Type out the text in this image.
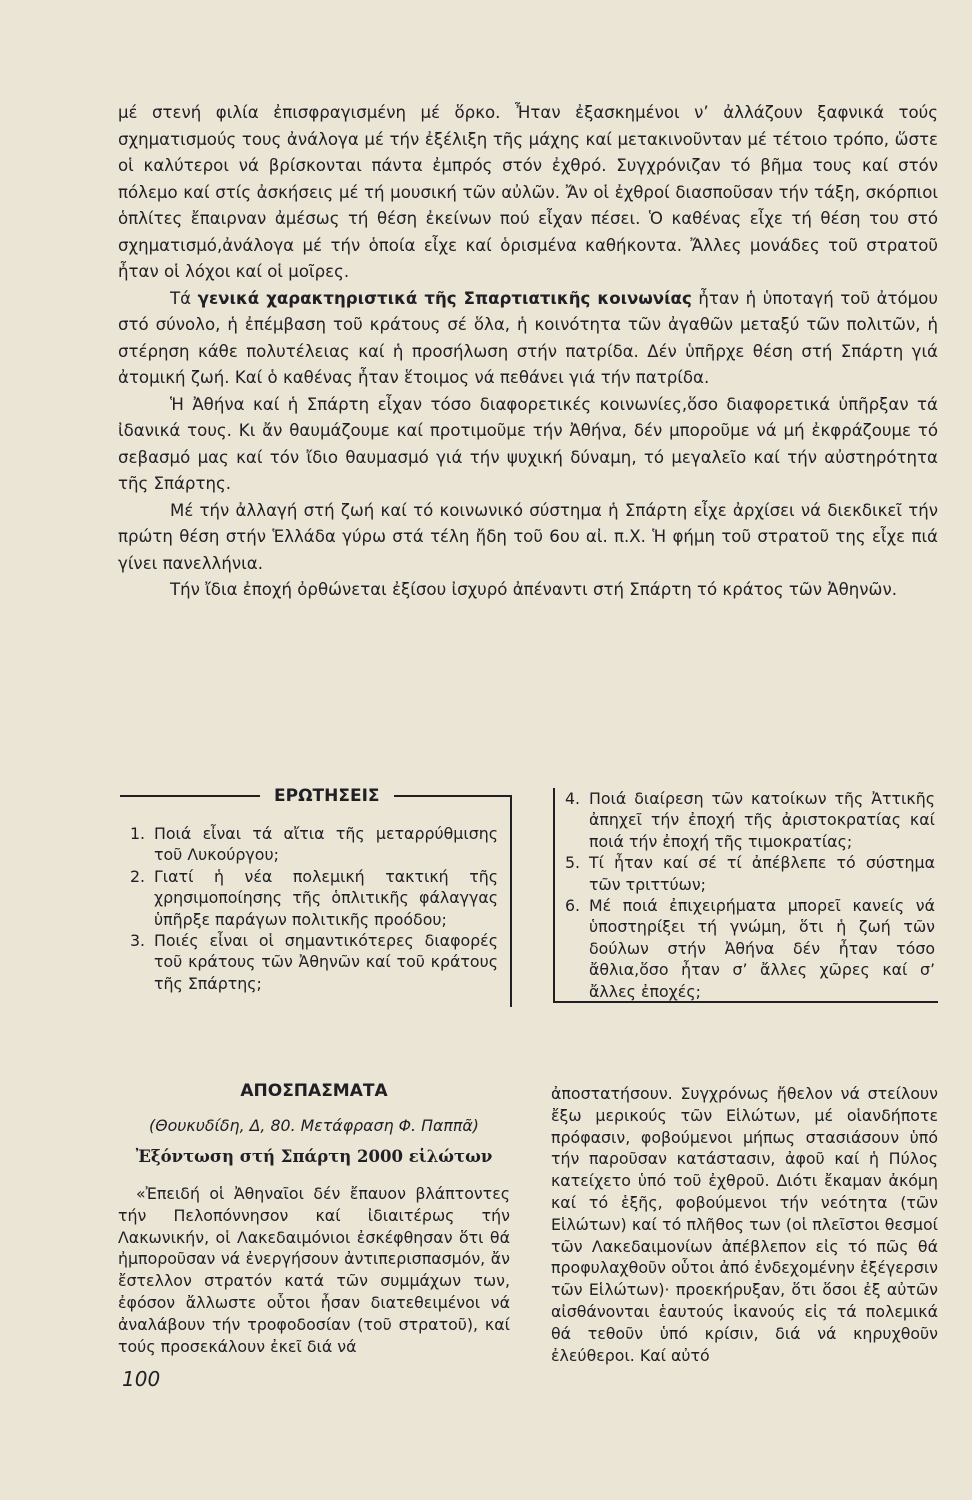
μέ στενή φιλία ἐπισφραγισμένη μέ ὅρκο. Ἦταν ἐξασκημένοι ν’ ἀλλάζουν ξαφνικά τούς σχηματισμούς τους ἀνάλογα μέ τήν ἐξέλιξη τῆς μάχης καί μετακινοῦνταν μέ τέτοιο τρόπο, ὥστε οἱ καλύτεροι νά βρίσκονται πάντα ἐμπρός στόν ἐχθρό. Συγχρόνιζαν τό βῆμα τους καί στόν πόλεμο καί στίς ἀσκήσεις μέ τή μουσική τῶν αὐλῶν. Ἄν οἱ ἐχθροί διασποῦσαν τήν τάξη, σκόρπιοι ὁπλίτες ἔπαιρναν ἀμέσως τή θέση ἐκείνων πού εἶχαν πέσει. Ὁ καθένας εἶχε τή θέση του στό σχηματισμό,ἀνάλογα μέ τήν ὁποία εἶχε καί ὁρισμένα καθήκοντα. Ἄλλες μονάδες τοῦ στρατοῦ ἦταν οἱ λόχοι καί οἱ μοῖρες.

Τά γενικά χαρακτηριστικά τῆς Σπαρτιατικῆς κοινωνίας ἦταν ἡ ὑποταγή τοῦ ἀτόμου στό σύνολο, ἡ ἐπέμβαση τοῦ κράτους σέ ὅλα, ἡ κοινότητα τῶν ἀγαθῶν μεταξύ τῶν πολιτῶν, ἡ στέρηση κάθε πολυτέλειας καί ἡ προσήλωση στήν πατρίδα. Δέν ὑπῆρχε θέση στή Σπάρτη γιά ἀτομική ζωή. Καί ὁ καθένας ἦταν ἕτοιμος νά πεθάνει γιά τήν πατρίδα.

Ἡ Ἀθήνα καί ἡ Σπάρτη εἶχαν τόσο διαφορετικές κοινωνίες,ὅσο διαφορετικά ὑπῆρξαν τά ἰδανικά τους. Κι ἄν θαυμάζουμε καί προτιμοῦμε τήν Ἀθήνα, δέν μποροῦμε νά μή ἐκφράζουμε τό σεβασμό μας καί τόν ἴδιο θαυμασμό γιά τήν ψυχική δύναμη, τό μεγαλεῖο καί τήν αὐστηρότητα τῆς Σπάρτης.

Μέ τήν ἀλλαγή στή ζωή καί τό κοινωνικό σύστημα ἡ Σπάρτη εἶχε ἀρχίσει νά διεκδικεῖ τήν πρώτη θέση στήν Ἑλλάδα γύρω στά τέλη ἤδη τοῦ 6ου αἰ. π.Χ. Ἡ φήμη τοῦ στρατοῦ της εἶχε πιά γίνει πανελλήνια.

Τήν ἴδια ἐποχή ὀρθώνεται ἐξίσου ἰσχυρό ἀπέναντι στή Σπάρτη τό κράτος τῶν Ἀθηνῶν.

ΕΡΩΤΗΣΕΙΣ
1. Ποιά εἶναι τά αἴτια τῆς μεταρρύθμισης τοῦ Λυκούργου;
2. Γιατί ἡ νέα πολεμική τακτική τῆς χρησιμοποίησης τῆς ὁπλιτικῆς φάλαγγας ὑπῆρξε παράγων πολιτικῆς προόδου;
3. Ποιές εἶναι οἱ σημαντικότερες διαφορές τοῦ κράτους τῶν Ἀθηνῶν καί τοῦ κράτους τῆς Σπάρτης;
4. Ποιά διαίρεση τῶν κατοίκων τῆς Ἀττικῆς ἀπηχεῖ τήν ἐποχή τῆς ἀριστοκρατίας καί ποιά τήν ἐποχή τῆς τιμοκρατίας;
5. Τί ἦταν καί σέ τί ἀπέβλεπε τό σύστημα τῶν τριττύων;
6. Μέ ποιά ἐπιχειρήματα μπορεῖ κανείς νά ὑποστηρίξει τή γνώμη, ὅτι ἡ ζωή τῶν δούλων στήν Ἀθήνα δέν ἦταν τόσο ἄθλια,ὅσο ἦταν σ’ ἄλλες χῶρες καί σ’ ἄλλες ἐποχές;
ΑΠΟΣΠΑΣΜΑΤΑ
(Θουκυδίδη, Δ, 80. Μετάφραση Φ. Παππᾶ)
Ἐξόντωση στή Σπάρτη 2000 εἱλώτων
«Ἐπειδή οἱ Ἀθηναῖοι δέν ἔπαυον βλάπτοντες τήν Πελοπόννησον καί ἰδιαιτέρως τήν Λακωνικήν, οἱ Λακεδαιμόνιοι ἐσκέφθησαν ὅτι θά ἠμποροῦσαν νά ἐνεργήσουν ἀντιπερισπασμόν, ἄν ἔστελλον στρατόν κατά τῶν συμμάχων των, ἐφόσον ἄλλωστε οὗτοι ἦσαν διατεθειμένοι νά ἀναλάβουν τήν τροφοδοσίαν (τοῦ στρατοῦ), καί τούς προσεκάλουν ἐκεῖ διά νά
ἀποστατήσουν. Συγχρόνως ἤθελον νά στείλουν ἔξω μερικούς τῶν Εἱλώτων, μέ οἱανδήποτε πρόφασιν, φοβούμενοι μήπως στασιάσουν ὑπό τήν παροῦσαν κατάστασιν, ἀφοῦ καί ἡ Πύλος κατείχετο ὑπό τοῦ ἐχθροῦ. Διότι ἔκαμαν ἀκόμη καί τό ἑξῆς, φοβούμενοι τήν νεότητα (τῶν Εἱλώτων) καί τό πλῆθος των (οἱ πλεῖστοι θεσμοί τῶν Λακεδαιμονίων ἀπέβλεπον εἰς τό πῶς θά προφυλαχθοῦν οὗτοι ἀπό ἐνδεχομένην ἐξέγερσιν τῶν Εἱλώτων)· προεκήρυξαν, ὅτι ὅσοι ἐξ αὐτῶν αἰσθάνονται ἑαυτούς ἱκανούς εἰς τά πολεμικά θά τεθοῦν ὑπό κρίσιν, διά νά κηρυχθοῦν ἐλεύθεροι. Καί αὐτό
100
